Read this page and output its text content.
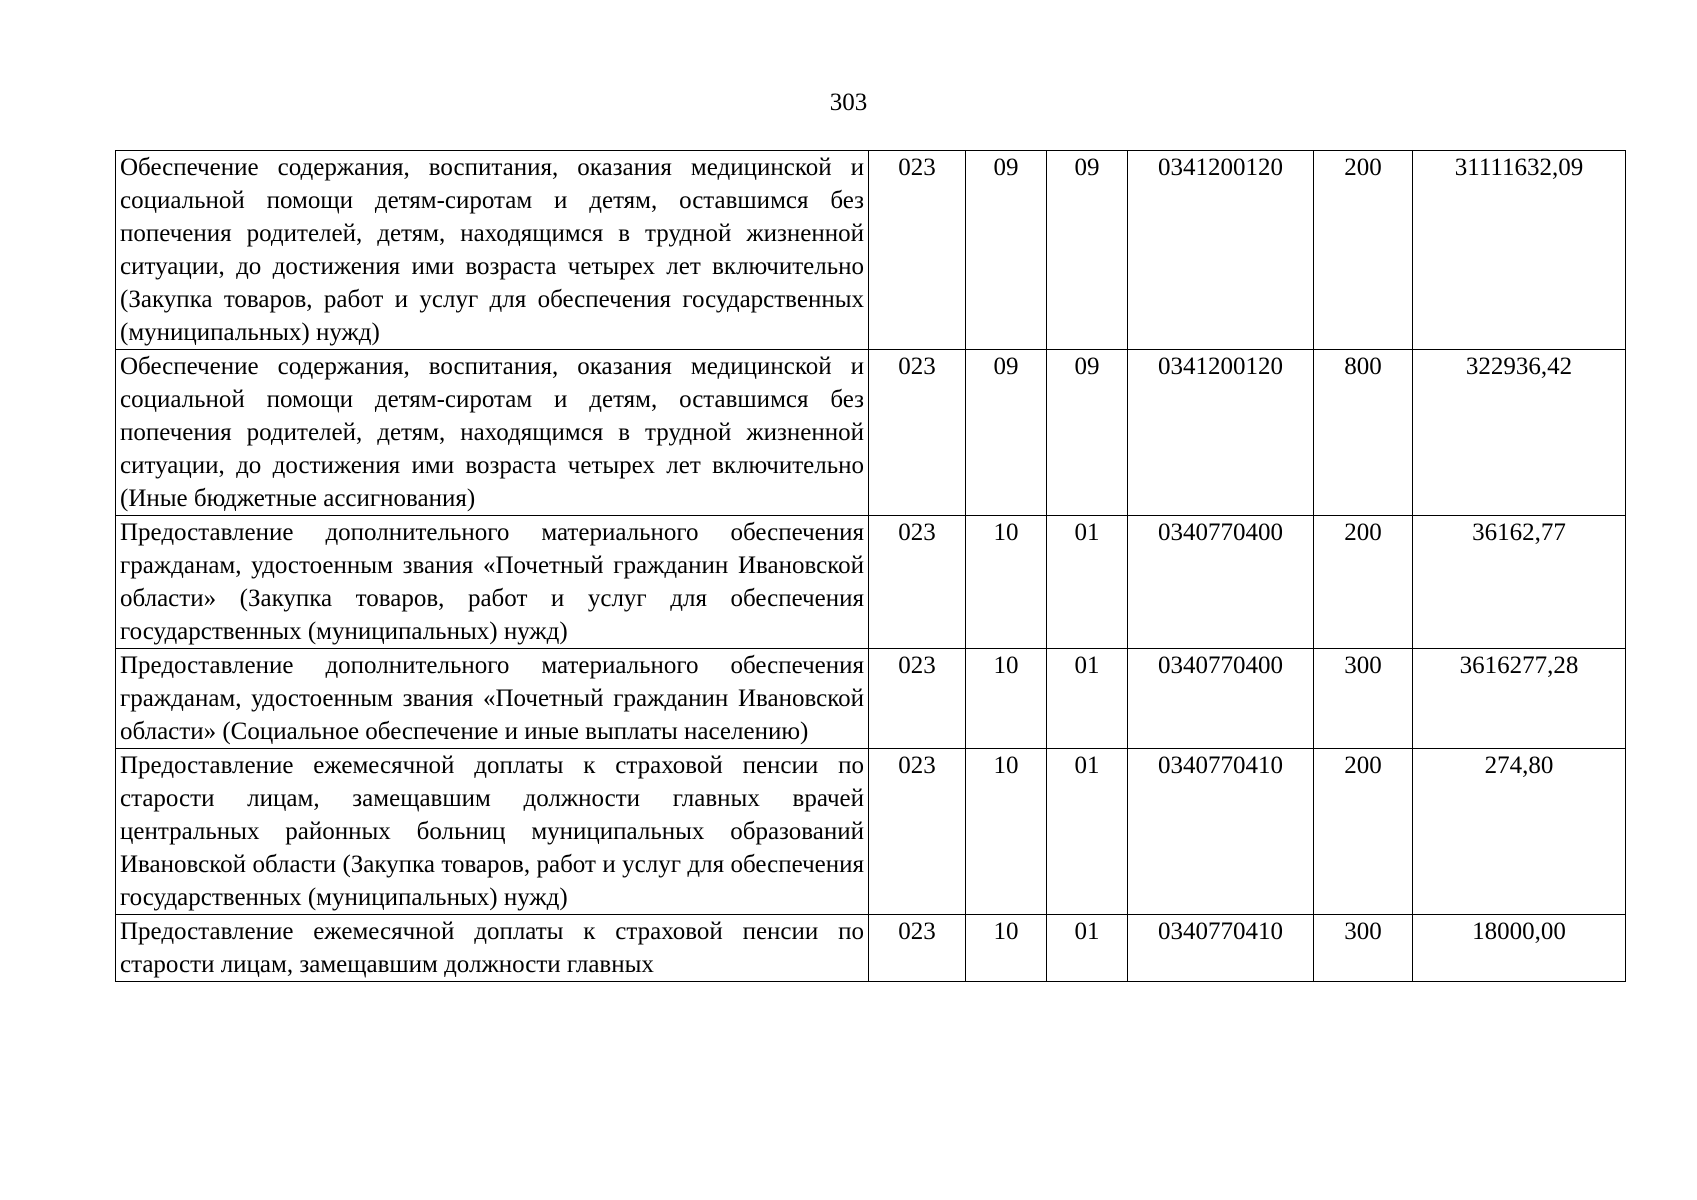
303
Обеспечение содержания, воспитания, оказания медицинской и социальной помощи детям-сиротам и детям, оставшимся без попечения родителей, детям, находящимся в трудной жизненной ситуации, до достижения ими возраста четырех лет включительно (Закупка товаров, работ и услуг для обеспечения государственных (муниципальных) нужд)	023	09	09	0341200120	200	31111632,09
Обеспечение содержания, воспитания, оказания медицинской и социальной помощи детям-сиротам и детям, оставшимся без попечения родителей, детям, находящимся в трудной жизненной ситуации, до достижения ими возраста четырех лет включительно (Иные бюджетные ассигнования)	023	09	09	0341200120	800	322936,42
Предоставление дополнительного материального обеспечения гражданам, удостоенным звания «Почетный гражданин Ивановской области» (Закупка товаров, работ и услуг для обеспечения государственных (муниципальных) нужд)	023	10	01	0340770400	200	36162,77
Предоставление дополнительного материального обеспечения гражданам, удостоенным звания «Почетный гражданин Ивановской области» (Социальное обеспечение и иные выплаты населению)	023	10	01	0340770400	300	3616277,28
Предоставление ежемесячной доплаты к страховой пенсии по старости лицам, замещавшим должности главных врачей центральных районных больниц муниципальных образований Ивановской области (Закупка товаров, работ и услуг для обеспечения государственных (муниципальных) нужд)	023	10	01	0340770410	200	274,80
Предоставление ежемесячной доплаты к страховой пенсии по старости лицам, замещавшим должности главных	023	10	01	0340770410	300	18000,00
